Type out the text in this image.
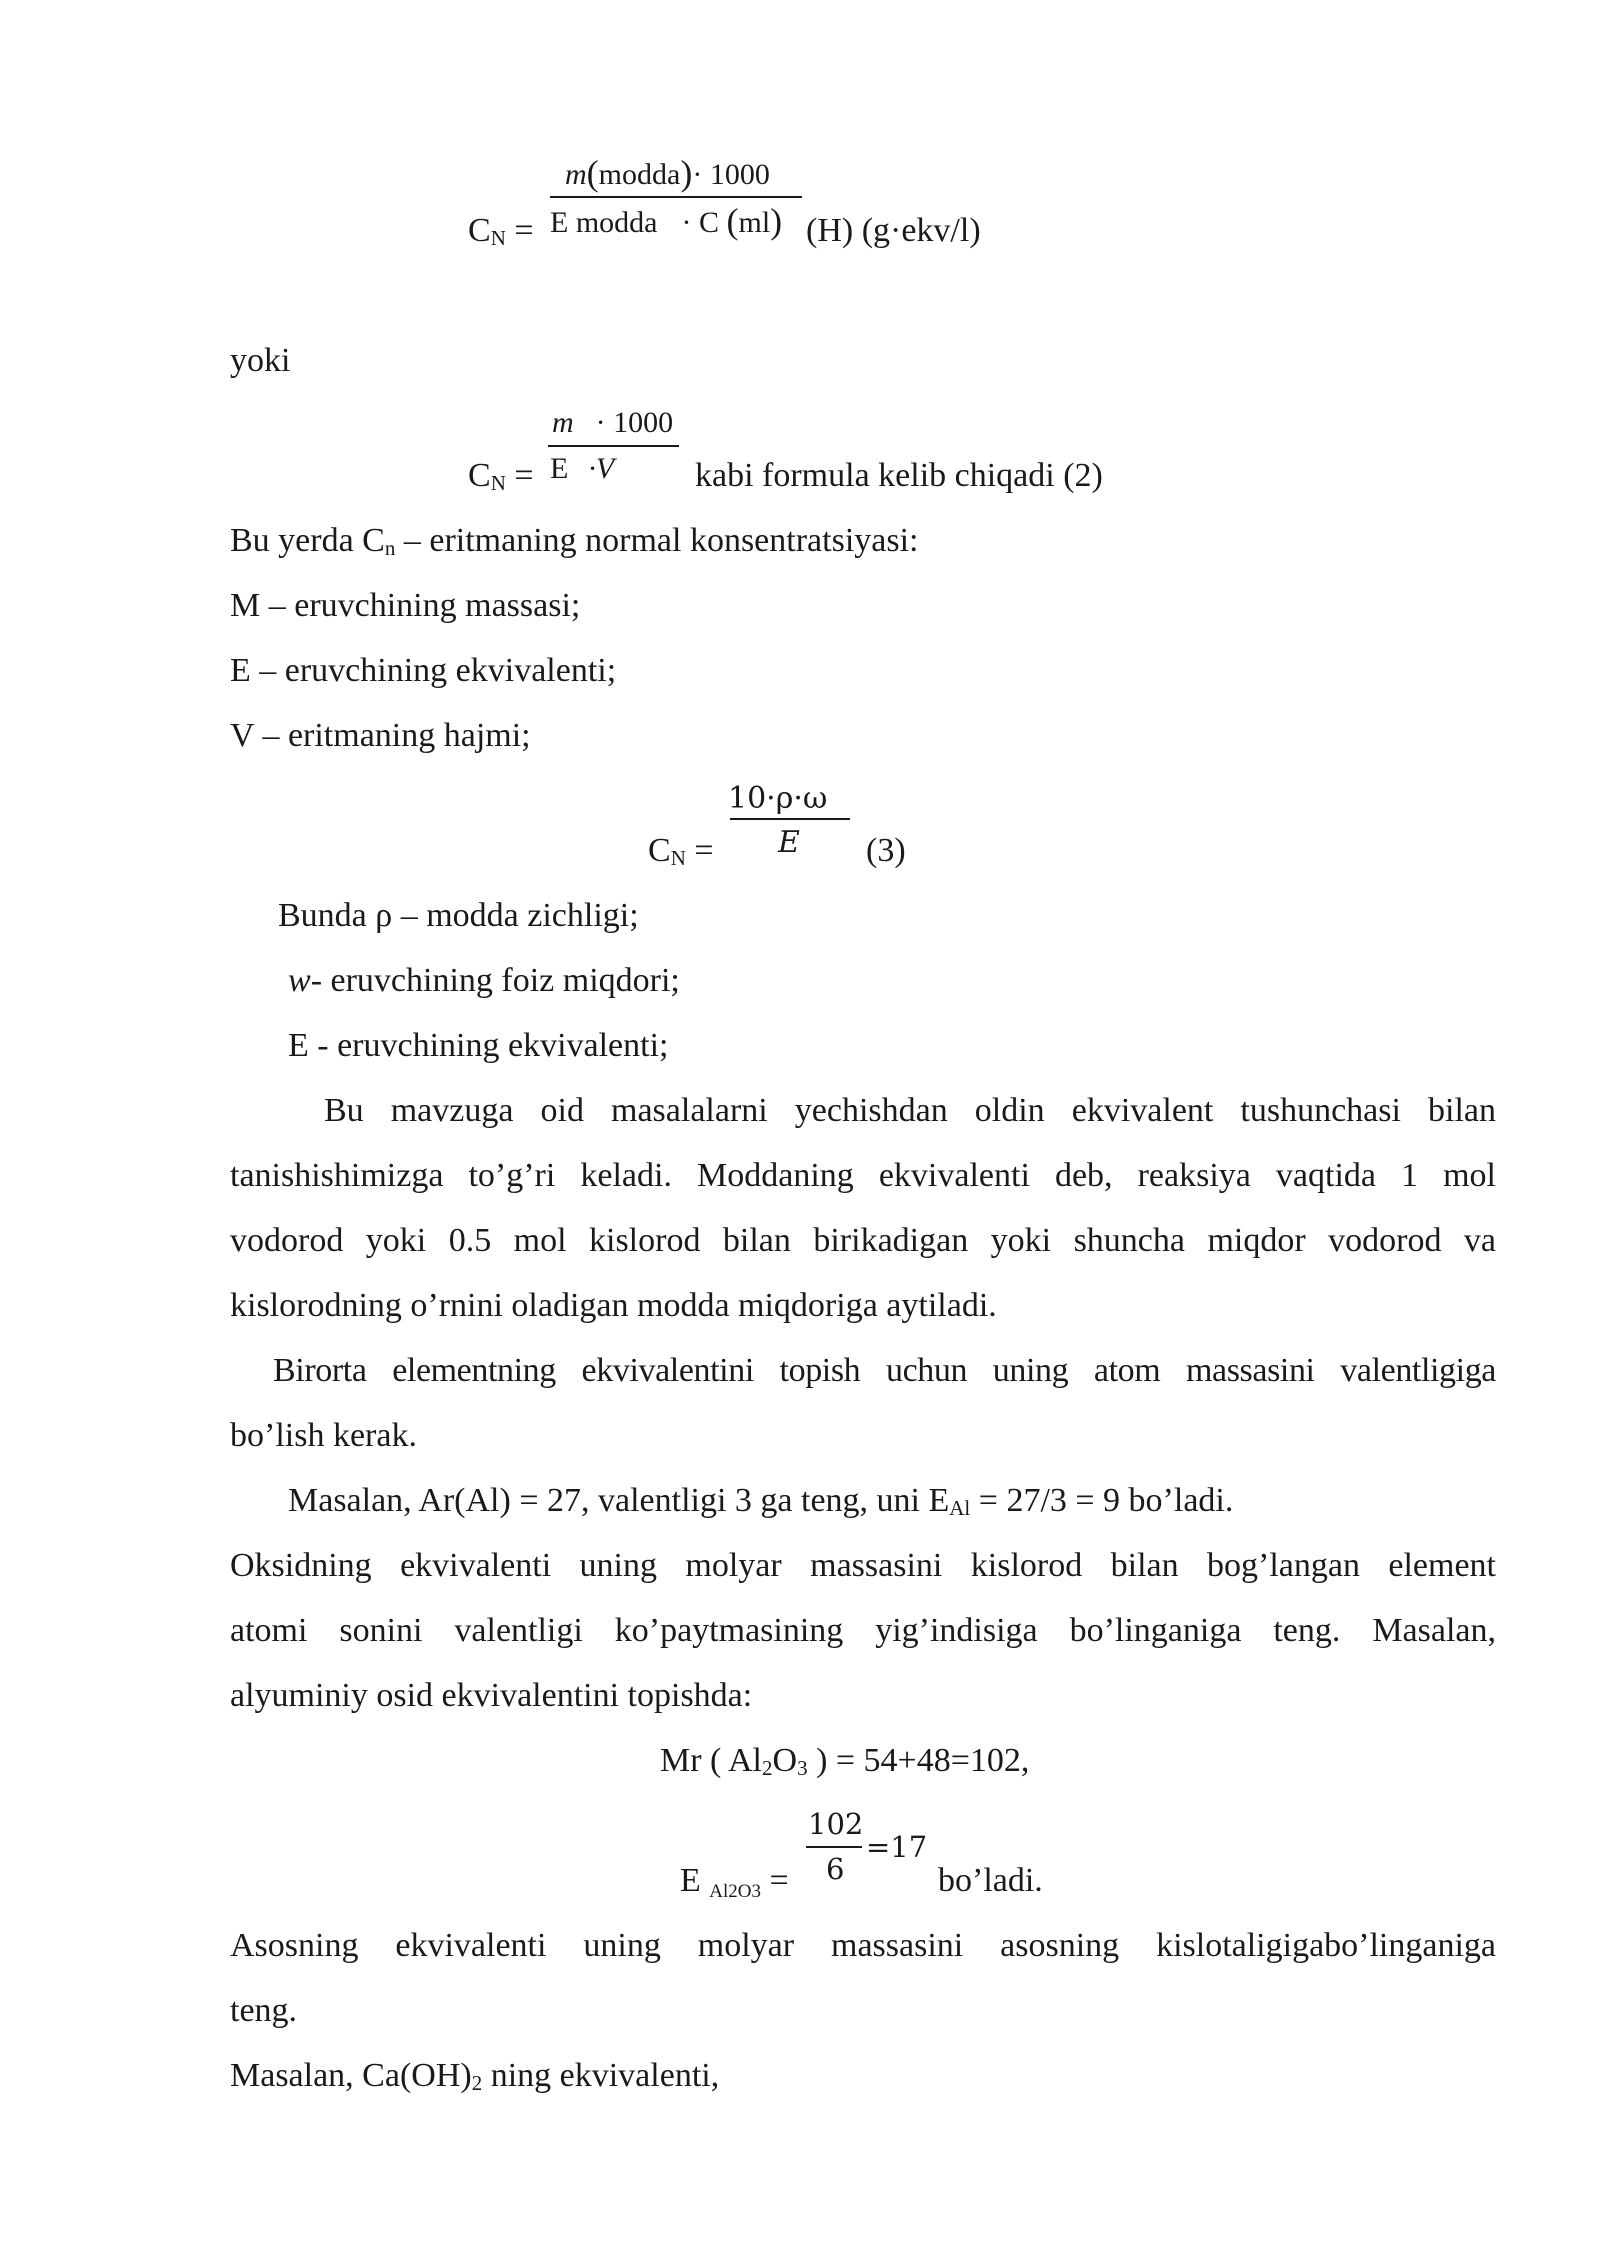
m(modda)· 1000
CN = E modda · C (ml) (H) (g·ekv/l)
yoki
m · 1000
CN = E ·V kabi formula kelib chiqadi (2)
Bu yerda Cn – eritmaning normal konsentratsiyasi:
M – eruvchining massasi;
E – eruvchining ekvivalenti;
V – eritmaning hajmi;
10·ρ·ω
CN = E (3)
Bunda ρ – modda zichligi;
w- eruvchining foiz miqdori;
E - eruvchining ekvivalenti;
Bu mavzuga oid masalalarni yechishdan oldin ekvivalent tushunchasi bilan
tanishishimizga to’g’ri keladi. Moddaning ekvivalenti deb, reaksiya vaqtida 1 mol
vodorod yoki 0.5 mol kislorod bilan birikadigan yoki shuncha miqdor vodorod va
kislorodning o’rnini oladigan modda miqdoriga aytiladi.
Birorta elementning ekvivalentini topish uchun uning atom massasini valentligiga
bo’lish kerak.
Masalan, Ar(Al) = 27, valentligi 3 ga teng, uni EAl = 27/3 = 9 bo’ladi.
Oksidning ekvivalenti uning molyar massasini kislorod bilan bog’langan element
atomi sonini valentligi ko’paytmasining yig’indisiga bo’linganiga teng. Masalan,
alyuminiy osid ekvivalentini topishda:
Mr ( Al2O3 ) = 54+48=102,
102
6
=17
E Al2O3 =	bo’ladi.
Asosning ekvivalenti uning molyar massasini asosning kislotaligigabo’linganiga
teng.
Masalan, Ca(OH)2 ning ekvivalenti,
